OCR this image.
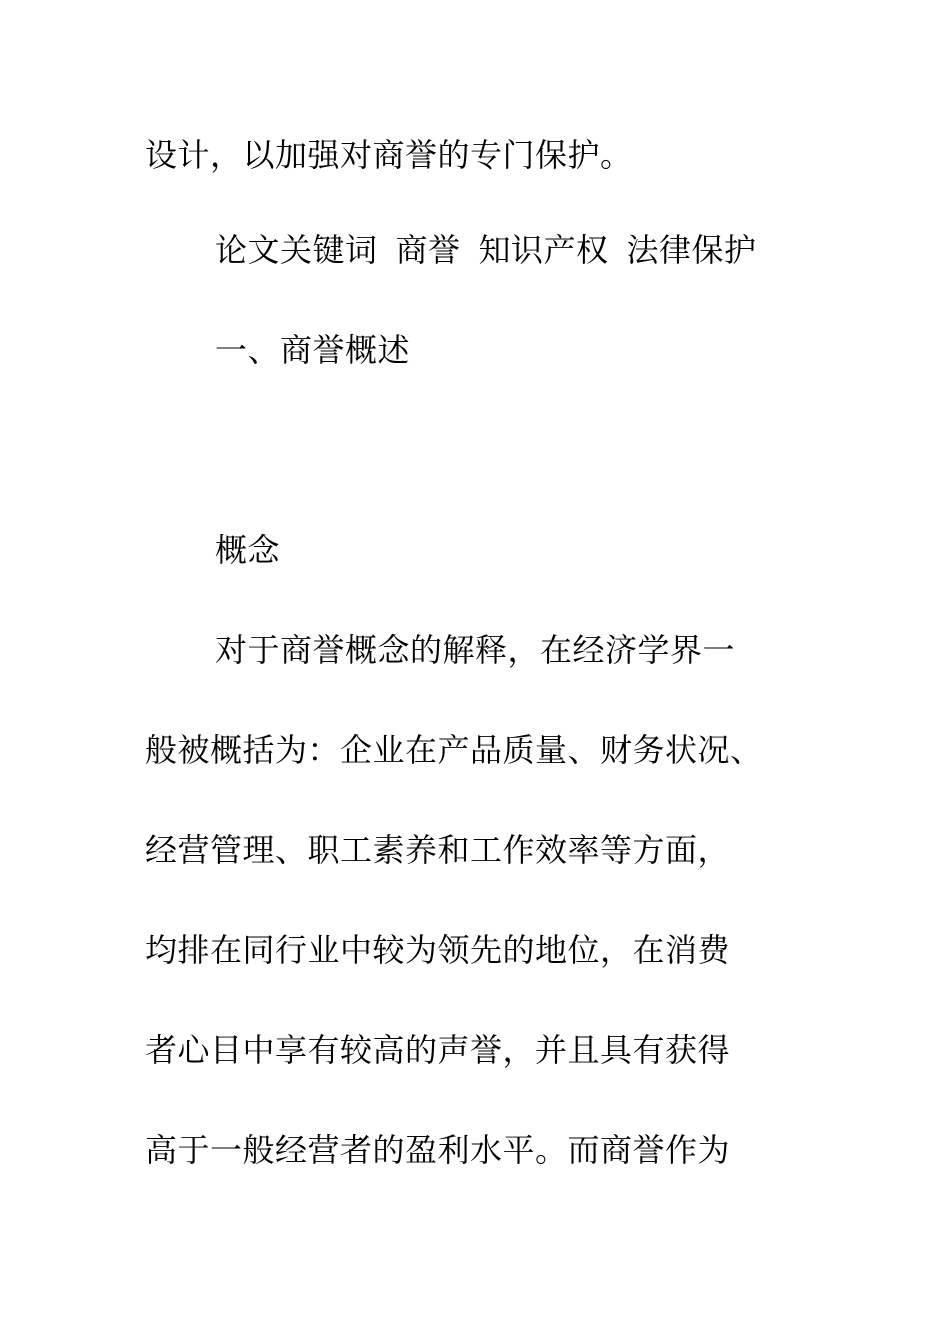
设计，以加强对商誉的专门保护。
论文关键词 商誉 知识产权 法律保护
一、商誉概述
概念
对于商誉概念的解释，在经济学界一
般被概括为：企业在产品质量、财务状况、
经营管理、职工素养和工作效率等方面，
均排在同行业中较为领先的地位，在消费
者心目中享有较高的声誉，并且具有获得
高于一般经营者的盈利水平。而商誉作为
